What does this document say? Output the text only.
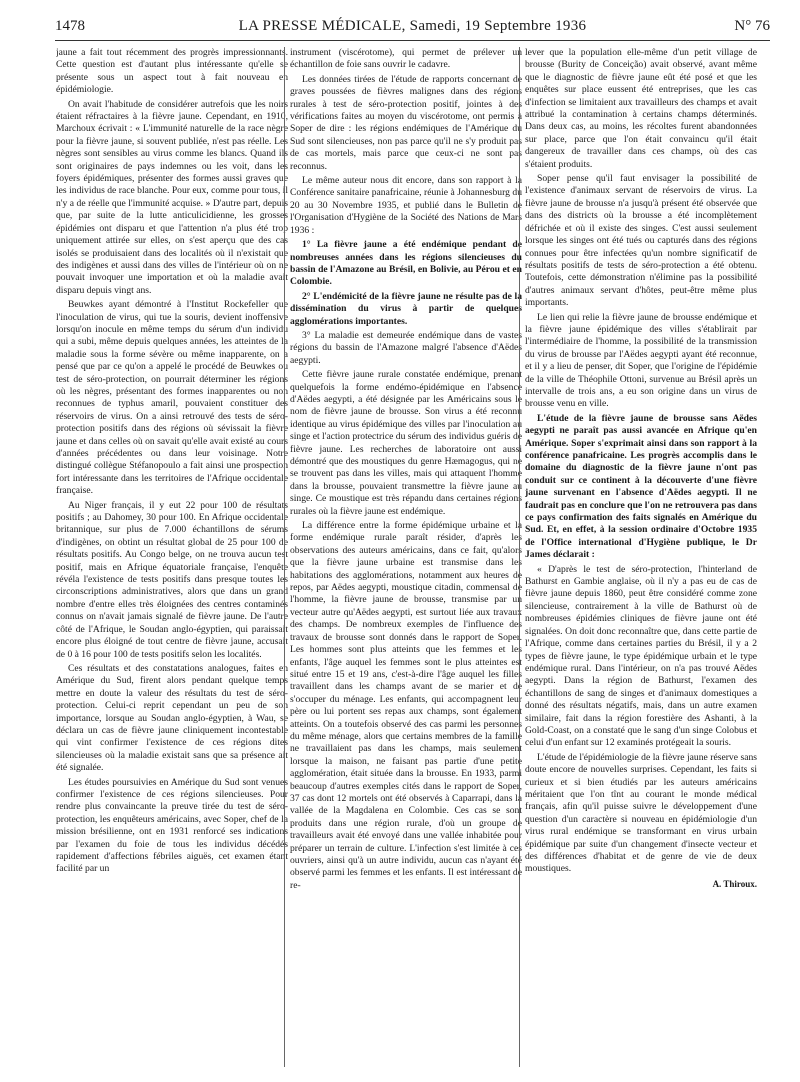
LA PRESSE MÉDICALE, Samedi, 19 Septembre 1936
1478	N° 76

jaune a fait tout récemment des progrès impressionnants. Cette question est d'autant plus intéressante qu'elle se présente sous un aspect tout à fait nouveau en épidémiologie.

On avait l'habitude de considérer autrefois que les noirs étaient réfractaires à la fièvre jaune. Cependant, en 1910, Marchoux écrivait : « L'immunité naturelle de la race nègre pour la fièvre jaune, si souvent publiée, n'est pas réelle. Les nègres sont sensibles au virus comme les blancs. Quand ils sont originaires de pays indemnes ou les voit, dans les foyers épidémiques, présenter des formes aussi graves que les individus de race blanche. Pour eux, comme pour tous, il n'y a de réelle que l'immunité acquise. » D'autre part, depuis que, par suite de la lutte anticulicidienne, les grosses épidémies ont disparu et que l'attention n'a plus été trop uniquement attirée sur elles, on s'est aperçu que des cas isolés se produisaient dans des localités où il n'existait que des indigènes et aussi dans des villes de l'intérieur où on ne pouvait invoquer une importation et où la maladie avait disparu depuis vingt ans.

Beuwkes ayant démontré à l'Institut Rockefeller que l'inoculation de virus, qui tue la souris, devient inoffensive lorsqu'on inocule en même temps du sérum d'un individu qui a subi, même depuis quelques années, les atteintes de la maladie sous la forme sévère ou même inapparente, on a pensé que par ce qu'on a appelé le procédé de Beuwkes ou test de séro-protection, on pourrait déterminer les régions où les nègres, présentant des formes inapparentes ou non reconnues de typhus amaril, pouvaient constituer des réservoirs de virus. On a ainsi retrouvé des tests de séro-protection positifs dans des régions où sévissait la fièvre jaune et dans celles où on savait qu'elle avait existé au cours d'années précédentes ou dans leur voisinage. Notre distingué collègue Stéfanopoulo a fait ainsi une prospection fort intéressante dans les territoires de l'Afrique occidentale française.

Au Niger français, il y eut 22 pour 100 de résultats positifs ; au Dahomey, 30 pour 100. En Afrique occidentale britannique, sur plus de 7.000 échantillons de sérums d'indigènes, on obtint un résultat global de 25 pour 100 de résultats positifs. Au Congo belge, on ne trouva aucun test positif, mais en Afrique équatoriale française, l'enquête révéla l'existence de tests positifs dans presque toutes les circonscriptions administratives, alors que dans un grand nombre d'entre elles très éloignées des centres contaminés connus on n'avait jamais signalé de fièvre jaune. De l'autre côté de l'Afrique, le Soudan anglo-égyptien, qui paraissait encore plus éloigné de tout centre de fièvre jaune, accusait de 0 à 16 pour 100 de tests positifs selon les localités.

Ces résultats et des constatations analogues, faites en Amérique du Sud, firent alors pendant quelque temps mettre en doute la valeur des résultats du test de séro-protection. Celui-ci reprit cependant un peu de son importance, lorsque au Soudan anglo-égyptien, à Wau, se déclara un cas de fièvre jaune cliniquement incontestable qui vint confirmer l'existence de ces régions dites silencieuses où la maladie existait sans que sa présence ait été signalée.

Les études poursuivies en Amérique du Sud sont venues confirmer l'existence de ces régions silencieuses. Pour rendre plus convaincante la preuve tirée du test de séro-protection, les enquêteurs américains, avec Soper, chef de la mission brésilienne, ont en 1931 renforcé ses indications par l'examen du foie de tous les individus décédés rapidement d'affections fébriles aiguës, cet examen étant facilité par un

instrument (viscérotome), qui permet de prélever un échantillon de foie sans ouvrir le cadavre.

Les données tirées de l'étude de rapports concernant de graves poussées de fièvres malignes dans des régions rurales à test de séro-protection positif, jointes à des vérifications faites au moyen du viscérotome, ont permis à Soper de dire : les régions endémiques de l'Amérique du Sud sont silencieuses, non pas parce qu'il ne s'y produit pas de cas mortels, mais parce que ceux-ci ne sont pas reconnus.

Le même auteur nous dit encore, dans son rapport à la Conférence sanitaire panafricaine, réunie à Johannesburg du 20 au 30 Novembre 1935, et publié dans le Bulletin de l'Organisation d'Hygiène de la Société des Nations de Mars 1936 :

1° La fièvre jaune a été endémique pendant de nombreuses années dans les régions silencieuses du bassin de l'Amazone au Brésil, en Bolivie, au Pérou et en Colombie.

2° L'endémicité de la fièvre jaune ne résulte pas de la dissémination du virus à partir de quelques agglomérations importantes.

3° La maladie est demeurée endémique dans de vastes régions du bassin de l'Amazone malgré l'absence d'Aëdes aegypti.

Cette fièvre jaune rurale constatée endémique, prenant quelquefois la forme endémo-épidémique en l'absence d'Aëdes aegypti, a été désignée par les Américains sous le nom de fièvre jaune de brousse. Son virus a été reconnu identique au virus épidémique des villes par l'inoculation au singe et l'action protectrice du sérum des individus guéris de fièvre jaune. Les recherches de laboratoire ont aussi démontré que des moustiques du genre Hæmagogus, qui ne se trouvent pas dans les villes, mais qui attaquent l'homme dans la brousse, pouvaient transmettre la fièvre jaune au singe. Ce moustique est très répandu dans certaines régions rurales où la fièvre jaune est endémique.

La différence entre la forme épidémique urbaine et la forme endémique rurale paraît résider, d'après les observations des auteurs américains, dans ce fait, qu'alors que la fièvre jaune urbaine est transmise dans les habitations des agglomérations, notamment aux heures de repos, par Aëdes aegypti, moustique citadin, commensal de l'homme, la fièvre jaune de brousse, transmise par un vecteur autre qu'Aëdes aegypti, est surtout liée aux travaux des champs. De nombreux exemples de l'influence des travaux de brousse sont donnés dans le rapport de Soper. Les hommes sont plus atteints que les femmes et les enfants, l'âge auquel les femmes sont le plus atteintes est situé entre 15 et 19 ans, c'est-à-dire l'âge auquel les filles travaillent dans les champs avant de se marier et de s'occuper du ménage. Les enfants, qui accompagnent leur père ou lui portent ses repas aux champs, sont également atteints. On a toutefois observé des cas parmi les personnes du même ménage, alors que certains membres de la famille ne travaillaient pas dans les champs, mais seulement lorsque la maison, ne faisant pas partie d'une petite agglomération, était située dans la brousse. En 1933, parmi beaucoup d'autres exemples cités dans le rapport de Soper, 37 cas dont 12 mortels ont été observés à Caparrapi, dans la vallée de la Magdalena en Colombie. Ces cas se sont produits dans une région rurale, d'où un groupe de travailleurs avait été envoyé dans une vallée inhabitée pour préparer un terrain de culture. L'infection s'est limitée à ces ouvriers, ainsi qu'à un autre individu, aucun cas n'ayant été observé parmi les femmes et les enfants. Il est intéressant de re-

lever que la population elle-même d'un petit village de brousse (Burity de Conceição) avait observé, avant même que le diagnostic de fièvre jaune eût été posé et que les enquêtes sur place eussent été entreprises, que les cas d'infection se limitaient aux travailleurs des champs et avait attribué la contamination à certains champs déterminés. Dans deux cas, au moins, les récoltes furent abandonnées sur place, parce que l'on était convaincu qu'il était dangereux de travailler dans ces champs, où des cas s'étaient produits.

Soper pense qu'il faut envisager la possibilité de l'existence d'animaux servant de réservoirs de virus. La fièvre jaune de brousse n'a jusqu'à présent été observée que dans des districts où la brousse a été incomplètement défrichée et où il existe des singes. C'est aussi seulement lorsque les singes ont été tués ou capturés dans des régions connues pour être infectées qu'un nombre significatif de résultats positifs de tests de séro-protection a été obtenu. Toutefois, cette démonstration n'élimine pas la possibilité d'autres animaux servant d'hôtes, peut-être même plus importants.

Le lien qui relie la fièvre jaune de brousse endémique et la fièvre jaune épidémique des villes s'établirait par l'intermédiaire de l'homme, la possibilité de la transmission du virus de brousse par l'Aëdes aegypti ayant été reconnue, et il y a lieu de penser, dit Soper, que l'origine de l'épidémie de la ville de Théophile Ottoni, survenue au Brésil après un intervalle de trois ans, a eu son origine dans un virus de brousse venu en ville.

L'étude de la fièvre jaune de brousse sans Aëdes aegypti ne paraît pas aussi avancée en Afrique qu'en Amérique. Soper s'exprimait ainsi dans son rapport à la conférence panafricaine. Les progrès accomplis dans le domaine du diagnostic de la fièvre jaune n'ont pas conduit sur ce continent à la découverte d'une fièvre jaune survenant en l'absence d'Aëdes aegypti. Il ne faudrait pas en conclure que l'on ne retrouvera pas dans ce pays confirmation des faits signalés en Amérique du Sud. Et, en effet, à la session ordinaire d'Octobre 1935 de l'Office international d'Hygiène publique, le Dr James déclarait :

« D'après le test de séro-protection, l'hinterland de Bathurst en Gambie anglaise, où il n'y a pas eu de cas de fièvre jaune depuis 1860, peut être considéré comme zone silencieuse, contrairement à la ville de Bathurst où de nombreuses épidémies cliniques de fièvre jaune ont été signalées. On doit donc reconnaître que, dans cette partie de l'Afrique, comme dans certaines parties du Brésil, il y a 2 types de fièvre jaune, le type épidémique urbain et le type endémique rural. Dans l'intérieur, on n'a pas trouvé Aëdes aegypti. Dans la région de Bathurst, l'examen des échantillons de sang de singes et d'animaux domestiques a donné des résultats négatifs, mais, dans un autre examen similaire, fait dans la région forestière des Ashanti, à la Gold-Coast, on a constaté que le sang d'un singe Colobus et celui d'un enfant sur 12 examinés protégeait la souris.

L'étude de l'épidémiologie de la fièvre jaune réserve sans doute encore de nouvelles surprises. Cependant, les faits si curieux et si bien étudiés par les auteurs américains méritaient que l'on tînt au courant le monde médical français, afin qu'il puisse suivre le développement d'une question d'un caractère si nouveau en épidémiologie d'un virus rural endémique se transformant en virus urbain épidémique par suite d'un changement d'insecte vecteur et des différences d'habitat et de genre de vie de deux moustiques.

A. Thiroux.
